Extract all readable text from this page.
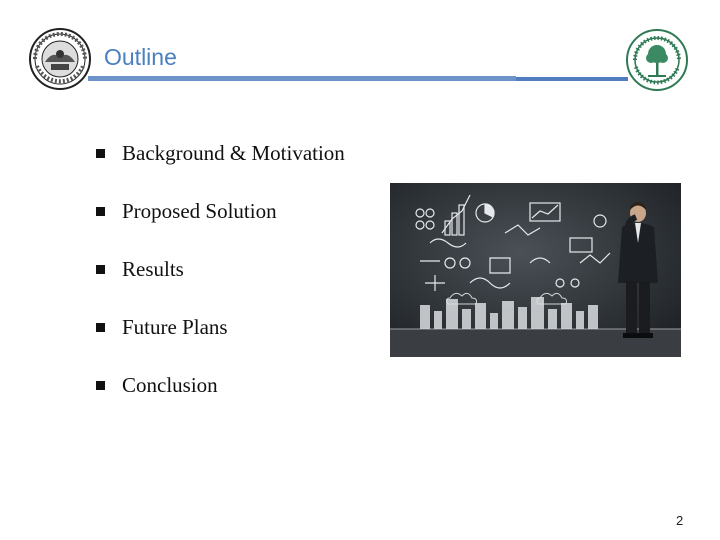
Outline
Background & Motivation
Proposed Solution
Results
Future Plans
Conclusion
2
